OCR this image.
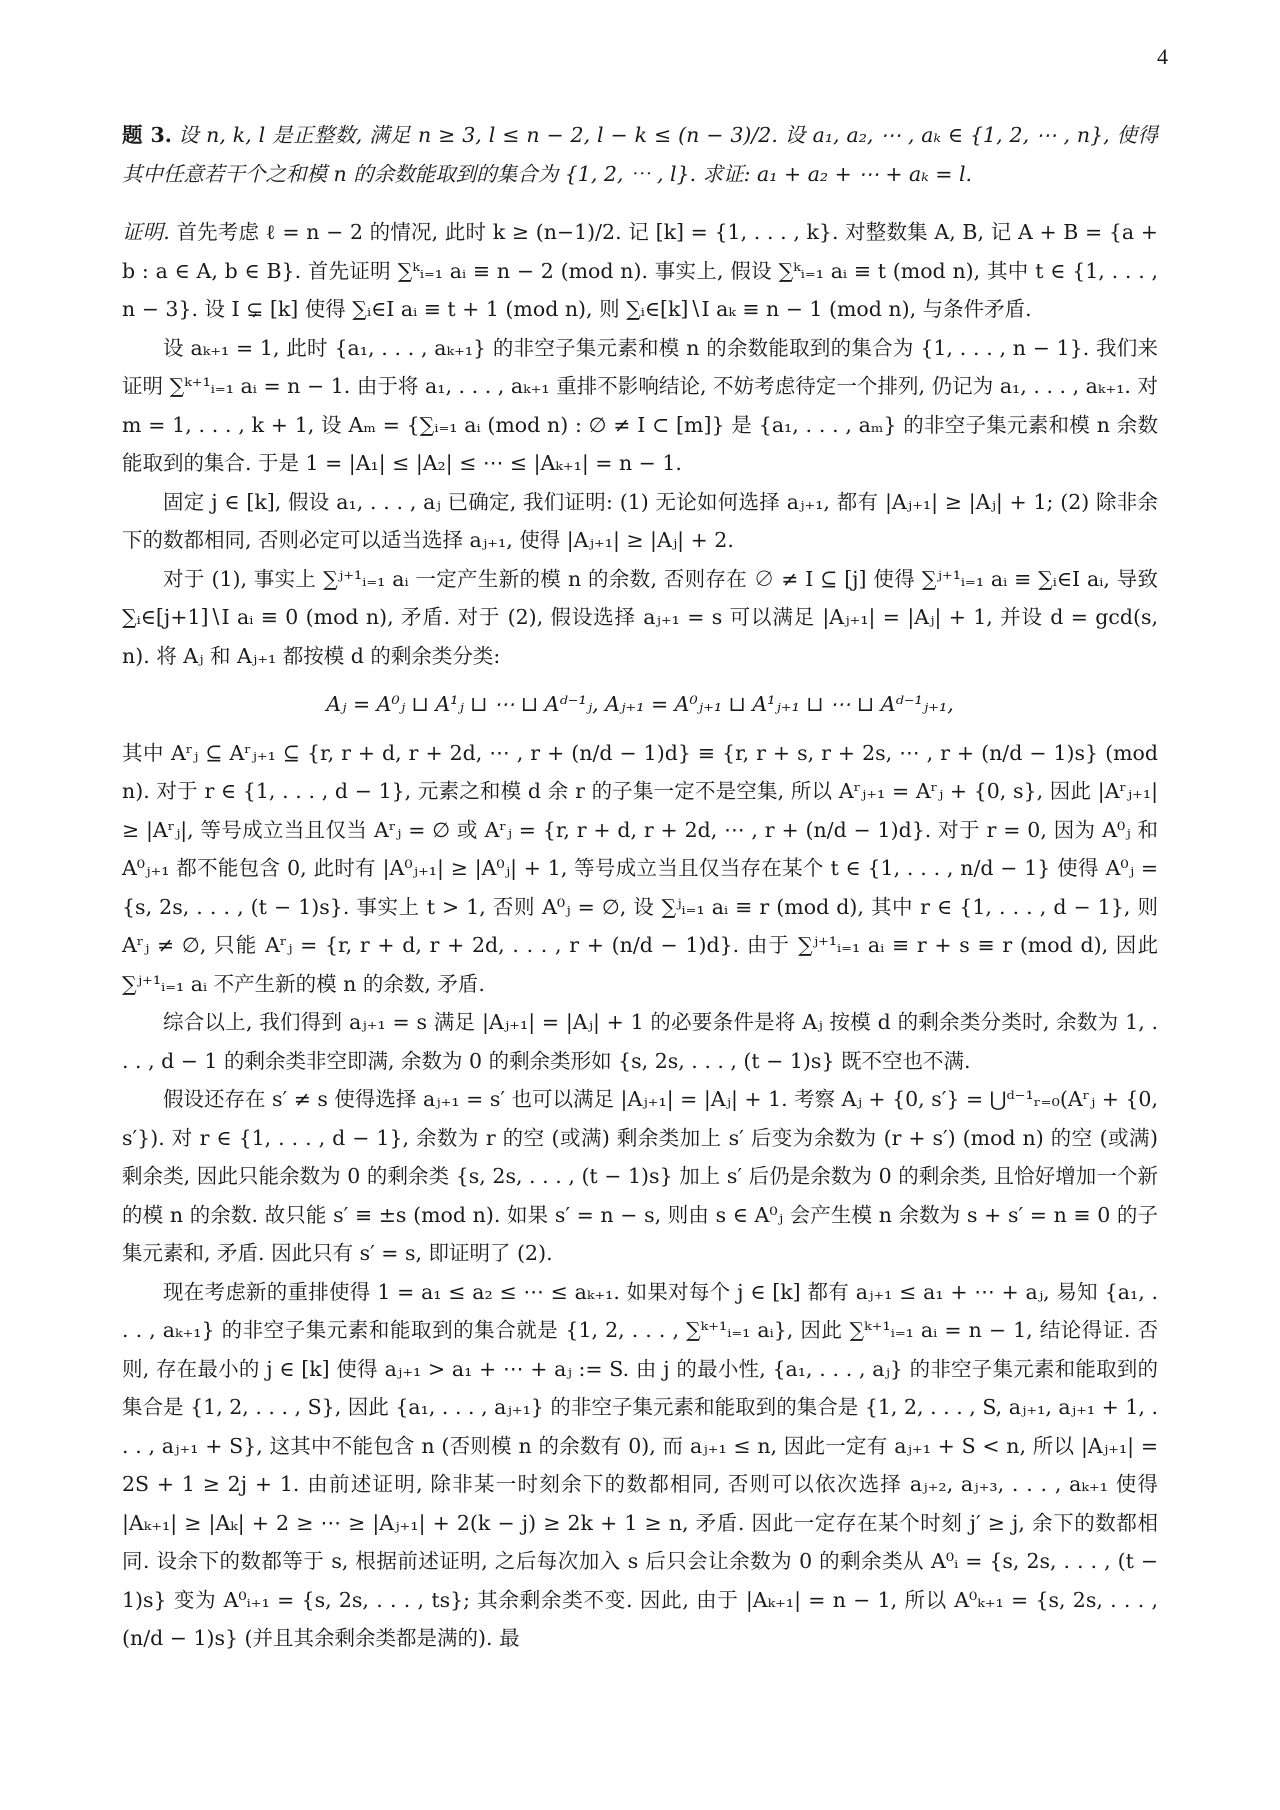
4

题 3. 设 n, k, l 是正整数, 满足 n ≥ 3, l ≤ n − 2, l − k ≤ (n − 3)/2. 设 a₁, a₂, ⋯ , aₖ ∈ {1, 2, ⋯ , n}, 使得其中任意若干个之和模 n 的余数能取到的集合为 {1, 2, ⋯ , l}. 求证: a₁ + a₂ + ⋯ + aₖ = l.

证明. 首先考虑 ℓ = n − 2 的情况, 此时 k ≥ (n−1)/2. 记 [k] = {1, . . . , k}. 对整数集 A, B, 记 A + B = {a + b : a ∈ A, b ∈ B}. 首先证明 ∑ᵏᵢ₌₁ aᵢ ≡ n − 2 (mod n). 事实上, 假设 ∑ᵏᵢ₌₁ aᵢ ≡ t (mod n), 其中 t ∈ {1, . . . , n − 3}. 设 I ⊊ [k] 使得 ∑ᵢ∈I aᵢ ≡ t + 1 (mod n), 则 ∑ᵢ∈[k]∖I aₖ ≡ n − 1 (mod n), 与条件矛盾.

设 aₖ₊₁ = 1, 此时 {a₁, . . . , aₖ₊₁} 的非空子集元素和模 n 的余数能取到的集合为 {1, . . . , n − 1}. 我们来证明 ∑ᵏ⁺¹ᵢ₌₁ aᵢ = n − 1. 由于将 a₁, . . . , aₖ₊₁ 重排不影响结论, 不妨考虑待定一个排列, 仍记为 a₁, . . . , aₖ₊₁. 对 m = 1, . . . , k + 1, 设 Aₘ = {∑ᵢ₌₁ aᵢ (mod n) : ∅ ≠ I ⊂ [m]} 是 {a₁, . . . , aₘ} 的非空子集元素和模 n 余数能取到的集合. 于是 1 = |A₁| ≤ |A₂| ≤ ⋯ ≤ |Aₖ₊₁| = n − 1.

固定 j ∈ [k], 假设 a₁, . . . , aⱼ 已确定, 我们证明: (1) 无论如何选择 aⱼ₊₁, 都有 |Aⱼ₊₁| ≥ |Aⱼ| + 1; (2) 除非余下的数都相同, 否则必定可以适当选择 aⱼ₊₁, 使得 |Aⱼ₊₁| ≥ |Aⱼ| + 2.

对于 (1), 事实上 ∑ʲ⁺¹ᵢ₌₁ aᵢ 一定产生新的模 n 的余数, 否则存在 ∅ ≠ I ⊆ [j] 使得 ∑ʲ⁺¹ᵢ₌₁ aᵢ ≡ ∑ᵢ∈I aᵢ, 导致 ∑ᵢ∈[j+1]∖I aᵢ ≡ 0 (mod n), 矛盾. 对于 (2), 假设选择 aⱼ₊₁ = s 可以满足 |Aⱼ₊₁| = |Aⱼ| + 1, 并设 d = gcd(s, n). 将 Aⱼ 和 Aⱼ₊₁ 都按模 d 的剩余类分类:

Aⱼ = A⁰ⱼ ⊔ A¹ⱼ ⊔ ⋯ ⊔ Aᵈ⁻¹ⱼ, Aⱼ₊₁ = A⁰ⱼ₊₁ ⊔ A¹ⱼ₊₁ ⊔ ⋯ ⊔ Aᵈ⁻¹ⱼ₊₁,

其中 Aʳⱼ ⊆ Aʳⱼ₊₁ ⊆ {r, r + d, r + 2d, ⋯ , r + (n/d − 1)d} ≡ {r, r + s, r + 2s, ⋯ , r + (n/d − 1)s} (mod n). 对于 r ∈ {1, . . . , d − 1}, 元素之和模 d 余 r 的子集一定不是空集, 所以 Aʳⱼ₊₁ = Aʳⱼ + {0, s}, 因此 |Aʳⱼ₊₁| ≥ |Aʳⱼ|, 等号成立当且仅当 Aʳⱼ = ∅ 或 Aʳⱼ = {r, r + d, r + 2d, ⋯ , r + (n/d − 1)d}. 对于 r = 0, 因为 A⁰ⱼ 和 A⁰ⱼ₊₁ 都不能包含 0, 此时有 |A⁰ⱼ₊₁| ≥ |A⁰ⱼ| + 1, 等号成立当且仅当存在某个 t ∈ {1, . . . , n/d − 1} 使得 A⁰ⱼ = {s, 2s, . . . , (t − 1)s}. 事实上 t > 1, 否则 A⁰ⱼ = ∅, 设 ∑ʲᵢ₌₁ aᵢ ≡ r (mod d), 其中 r ∈ {1, . . . , d − 1}, 则 Aʳⱼ ≠ ∅, 只能 Aʳⱼ = {r, r + d, r + 2d, . . . , r + (n/d − 1)d}. 由于 ∑ʲ⁺¹ᵢ₌₁ aᵢ ≡ r + s ≡ r (mod d), 因此 ∑ʲ⁺¹ᵢ₌₁ aᵢ 不产生新的模 n 的余数, 矛盾.

综合以上, 我们得到 aⱼ₊₁ = s 满足 |Aⱼ₊₁| = |Aⱼ| + 1 的必要条件是将 Aⱼ 按模 d 的剩余类分类时, 余数为 1, . . . , d − 1 的剩余类非空即满, 余数为 0 的剩余类形如 {s, 2s, . . . , (t − 1)s} 既不空也不满.

假设还存在 s′ ≠ s 使得选择 aⱼ₊₁ = s′ 也可以满足 |Aⱼ₊₁| = |Aⱼ| + 1. 考察 Aⱼ + {0, s′} = ⋃ᵈ⁻¹ᵣ₌₀(Aʳⱼ + {0, s′}). 对 r ∈ {1, . . . , d − 1}, 余数为 r 的空 (或满) 剩余类加上 s′ 后变为余数为 (r + s′) (mod n) 的空 (或满) 剩余类, 因此只能余数为 0 的剩余类 {s, 2s, . . . , (t − 1)s} 加上 s′ 后仍是余数为 0 的剩余类, 且恰好增加一个新的模 n 的余数. 故只能 s′ ≡ ±s (mod n). 如果 s′ = n − s, 则由 s ∈ A⁰ⱼ 会产生模 n 余数为 s + s′ = n ≡ 0 的子集元素和, 矛盾. 因此只有 s′ = s, 即证明了 (2).

现在考虑新的重排使得 1 = a₁ ≤ a₂ ≤ ⋯ ≤ aₖ₊₁. 如果对每个 j ∈ [k] 都有 aⱼ₊₁ ≤ a₁ + ⋯ + aⱼ, 易知 {a₁, . . . , aₖ₊₁} 的非空子集元素和能取到的集合就是 {1, 2, . . . , ∑ᵏ⁺¹ᵢ₌₁ aᵢ}, 因此 ∑ᵏ⁺¹ᵢ₌₁ aᵢ = n − 1, 结论得证. 否则, 存在最小的 j ∈ [k] 使得 aⱼ₊₁ > a₁ + ⋯ + aⱼ := S. 由 j 的最小性, {a₁, . . . , aⱼ} 的非空子集元素和能取到的集合是 {1, 2, . . . , S}, 因此 {a₁, . . . , aⱼ₊₁} 的非空子集元素和能取到的集合是 {1, 2, . . . , S, aⱼ₊₁, aⱼ₊₁ + 1, . . . , aⱼ₊₁ + S}, 这其中不能包含 n (否则模 n 的余数有 0), 而 aⱼ₊₁ ≤ n, 因此一定有 aⱼ₊₁ + S < n, 所以 |Aⱼ₊₁| = 2S + 1 ≥ 2j + 1. 由前述证明, 除非某一时刻余下的数都相同, 否则可以依次选择 aⱼ₊₂, aⱼ₊₃, . . . , aₖ₊₁ 使得 |Aₖ₊₁| ≥ |Aₖ| + 2 ≥ ⋯ ≥ |Aⱼ₊₁| + 2(k − j) ≥ 2k + 1 ≥ n, 矛盾. 因此一定存在某个时刻 j′ ≥ j, 余下的数都相同. 设余下的数都等于 s, 根据前述证明, 之后每次加入 s 后只会让余数为 0 的剩余类从 A⁰ᵢ = {s, 2s, . . . , (t − 1)s} 变为 A⁰ᵢ₊₁ = {s, 2s, . . . , ts}; 其余剩余类不变. 因此, 由于 |Aₖ₊₁| = n − 1, 所以 A⁰ₖ₊₁ = {s, 2s, . . . , (n/d − 1)s} (并且其余剩余类都是满的). 最
